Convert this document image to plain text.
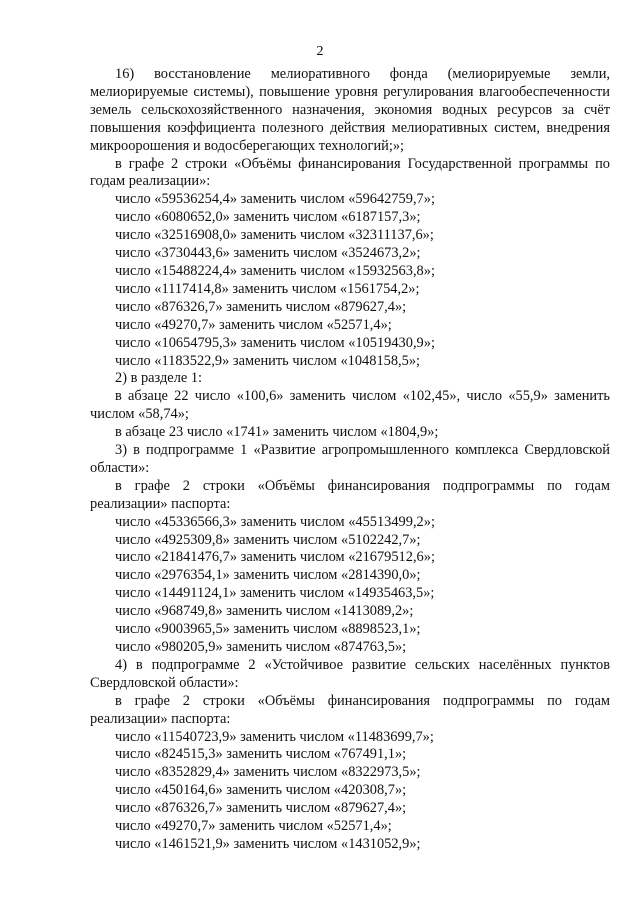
2
16) восстановление мелиоративного фонда (мелиорируемые земли, мелиорируемые системы), повышение уровня регулирования влагообеспеченности земель сельскохозяйственного назначения, экономия водных ресурсов за счёт повышения коэффициента полезного действия мелиоративных систем, внедрения микроорошения и водосберегающих технологий;»;
в графе 2 строки «Объёмы финансирования Государственной программы по годам реализации»:
число «59536254,4» заменить числом «59642759,7»;
число «6080652,0» заменить числом «6187157,3»;
число «32516908,0» заменить числом «32311137,6»;
число «3730443,6» заменить числом «3524673,2»;
число «15488224,4» заменить числом «15932563,8»;
число «1117414,8» заменить числом «1561754,2»;
число «876326,7» заменить числом «879627,4»;
число «49270,7» заменить числом «52571,4»;
число «10654795,3» заменить числом «10519430,9»;
число «1183522,9» заменить числом «1048158,5»;
2) в разделе 1:
в абзаце 22 число «100,6» заменить числом «102,45», число «55,9» заменить числом «58,74»;
в абзаце 23 число «1741» заменить числом «1804,9»;
3) в подпрограмме 1 «Развитие агропромышленного комплекса Свердловской области»:
в графе 2 строки «Объёмы финансирования подпрограммы по годам реализации» паспорта:
число «45336566,3» заменить числом «45513499,2»;
число «4925309,8» заменить числом «5102242,7»;
число «21841476,7» заменить числом «21679512,6»;
число «2976354,1» заменить числом «2814390,0»;
число «14491124,1» заменить числом «14935463,5»;
число «968749,8» заменить числом «1413089,2»;
число «9003965,5» заменить числом «8898523,1»;
число «980205,9» заменить числом «874763,5»;
4) в подпрограмме 2 «Устойчивое развитие сельских населённых пунктов Свердловской области»:
в графе 2 строки «Объёмы финансирования подпрограммы по годам реализации» паспорта:
число «11540723,9» заменить числом «11483699,7»;
число «824515,3» заменить числом «767491,1»;
число «8352829,4» заменить числом «8322973,5»;
число «450164,6» заменить числом «420308,7»;
число «876326,7» заменить числом «879627,4»;
число «49270,7» заменить числом «52571,4»;
число «1461521,9» заменить числом «1431052,9»;
